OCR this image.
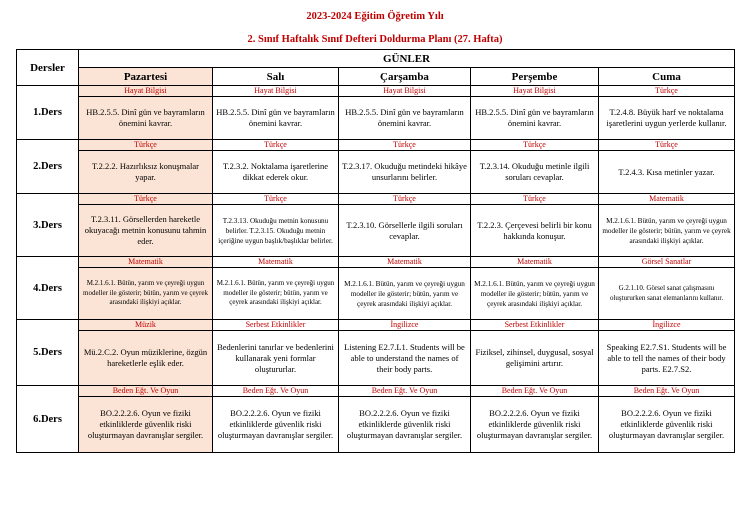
2023-2024 Eğitim Öğretim Yılı
2. Sınıf Haftalık Sınıf Defteri Doldurma Planı (27. Hafta)
Dersler	GÜNLER				
	Pazartesi	Salı	Çarşamba	Perşembe	Cuma
1.Ders	Hayat Bilgisi	Hayat Bilgisi	Hayat Bilgisi	Hayat Bilgisi	Türkçe
	HB.2.5.5. Dinî gün ve bayramların önemini kavrar.	HB.2.5.5. Dinî gün ve bayramların önemini kavrar.	HB.2.5.5. Dinî gün ve bayramların önemini kavrar.	HB.2.5.5. Dinî gün ve bayramların önemini kavrar.	T.2.4.8. Büyük harf ve noktalama işaretlerini uygun yerlerde kullanır.
2.Ders	Türkçe	Türkçe	Türkçe	Türkçe	Türkçe
	T.2.2.2. Hazırlıksız konuşmalar yapar.	T.2.3.2. Noktalama işaretlerine dikkat ederek okur.	T.2.3.17. Okuduğu metindeki hikâye unsurlarını belirler.	T.2.3.14. Okuduğu metinle ilgili soruları cevaplar.	T.2.4.3. Kısa metinler yazar.
3.Ders	Türkçe	Türkçe	Türkçe	Türkçe	Matematik
	T.2.3.11. Görsellerden hareketle okuyacağı metnin konusunu tahmin eder.	T.2.3.13. Okuduğu metnin konusunu belirler. T.2.3.15. Okuduğu metnin içeriğine uygun başlık/başlıklar belirler.	T.2.3.10. Görsellerle ilgili soruları cevaplar.	T.2.2.3. Çerçevesi belirli bir konu hakkında konuşur.	M.2.1.6.1. Bütün, yarım ve çeyreği uygun modeller ile gösterir; bütün, yarım ve çeyrek arasındaki ilişkiyi açıklar.
4.Ders	Matematik	Matematik	Matematik	Matematik	Görsel Sanatlar
	M.2.1.6.1. Bütün, yarım ve çeyreği uygun modeller ile gösterir; bütün, yarım ve çeyrek arasındaki ilişkiyi açıklar.	M.2.1.6.1. Bütün, yarım ve çeyreği uygun modeller ile gösterir; bütün, yarım ve çeyrek arasındaki ilişkiyi açıklar.	M.2.1.6.1. Bütün, yarım ve çeyreği uygun modeller ile gösterir; bütün, yarım ve çeyrek arasındaki ilişkiyi açıklar.	M.2.1.6.1. Bütün, yarım ve çeyreği uygun modeller ile gösterir; bütün, yarım ve çeyrek arasındaki ilişkiyi açıklar.	G.2.1.10. Görsel sanat çalışmasını oluştururken sanat elemanlarını kullanır.
5.Ders	Müzik	Serbest Etkinlikler	İngilizce	Serbest Etkinlikler	İngilizce
	Mü.2.C.2. Oyun müziklerine, özgün hareketlerle eşlik eder.	Bedenlerini tanırlar ve bedenlerini kullanarak yeni formlar oluştururlar.	Listening E2.7.L1. Students will be able to understand the names of their body parts.	Fiziksel, zihinsel, duygusal, sosyal gelişimini artırır.	Speaking E2.7.S1. Students will be able to tell the names of their body parts. E2.7.S2.
6.Ders	Beden Eğt. Ve Oyun	Beden Eğt. Ve Oyun	Beden Eğt. Ve Oyun	Beden Eğt. Ve Oyun	Beden Eğt. Ve Oyun
	BO.2.2.2.6. Oyun ve fiziki etkinliklerde güvenlik riski oluşturmayan davranışlar sergiler.	BO.2.2.2.6. Oyun ve fiziki etkinliklerde güvenlik riski oluşturmayan davranışlar sergiler.	BO.2.2.2.6. Oyun ve fiziki etkinliklerde güvenlik riski oluşturmayan davranışlar sergiler.	BO.2.2.2.6. Oyun ve fiziki etkinliklerde güvenlik riski oluşturmayan davranışlar sergiler.	BO.2.2.2.6. Oyun ve fiziki etkinliklerde güvenlik riski oluşturmayan davranışlar sergiler.
